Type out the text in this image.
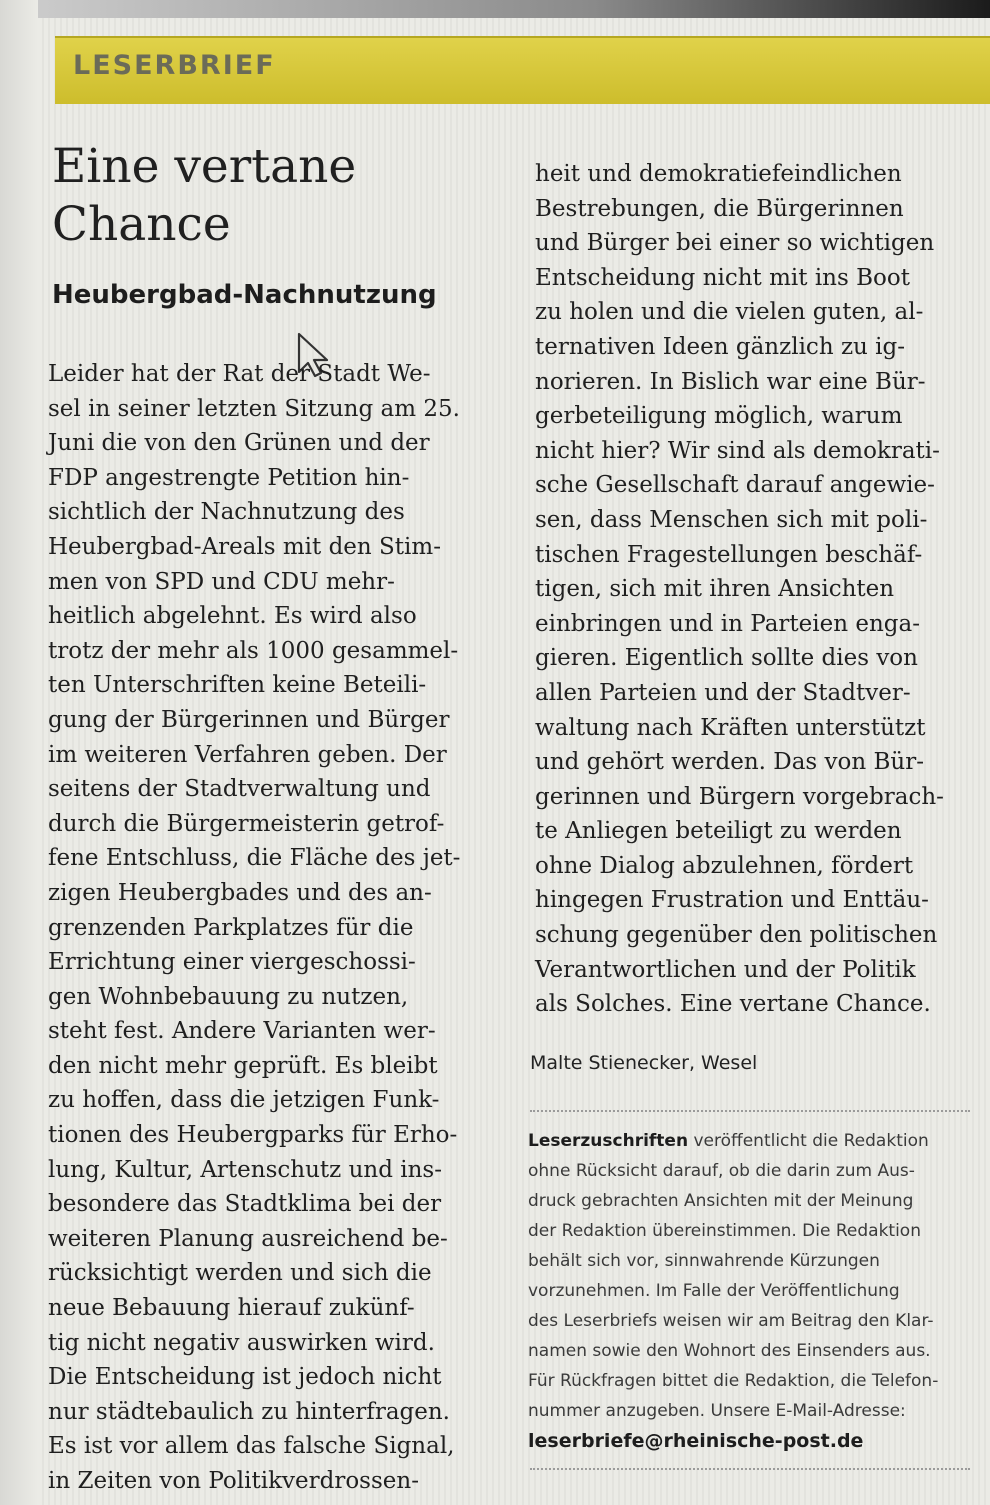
LESERBRIEF
Eine vertane
Chance
Heubergbad-Nachnutzung
Leider hat der Rat der Stadt We-
sel in seiner letzten Sitzung am 25.
Juni die von den Grünen und der
FDP angestrengte Petition hin-
sichtlich der Nachnutzung des
Heubergbad-Areals mit den Stim-
men von SPD und CDU mehr-
heitlich abgelehnt. Es wird also
trotz der mehr als 1000 gesammel-
ten Unterschriften keine Beteili-
gung der Bürgerinnen und Bürger
im weiteren Verfahren geben. Der
seitens der Stadtverwaltung und
durch die Bürgermeisterin getrof-
fene Entschluss, die Fläche des jet-
zigen Heubergbades und des an-
grenzenden Parkplatzes für die
Errichtung einer viergeschossi-
gen Wohnbebauung zu nutzen,
steht fest. Andere Varianten wer-
den nicht mehr geprüft. Es bleibt
zu hoffen, dass die jetzigen Funk-
tionen des Heubergparks für Erho-
lung, Kultur, Artenschutz und ins-
besondere das Stadtklima bei der
weiteren Planung ausreichend be-
rücksichtigt werden und sich die
neue Bebauung hierauf zukünf-
tig nicht negativ auswirken wird.
Die Entscheidung ist jedoch nicht
nur städtebaulich zu hinterfragen.
Es ist vor allem das falsche Signal,
in Zeiten von Politikverdrossen-
heit und demokratiefeindlichen
Bestrebungen, die Bürgerinnen
und Bürger bei einer so wichtigen
Entscheidung nicht mit ins Boot
zu holen und die vielen guten, al-
ternativen Ideen gänzlich zu ig-
norieren. In Bislich war eine Bür-
gerbeteiligung möglich, warum
nicht hier? Wir sind als demokrati-
sche Gesellschaft darauf angewie-
sen, dass Menschen sich mit poli-
tischen Fragestellungen beschäf-
tigen, sich mit ihren Ansichten
einbringen und in Parteien enga-
gieren. Eigentlich sollte dies von
allen Parteien und der Stadtver-
waltung nach Kräften unterstützt
und gehört werden. Das von Bür-
gerinnen und Bürgern vorgebrach-
te Anliegen beteiligt zu werden
ohne Dialog abzulehnen, fördert
hingegen Frustration und Enttäu-
schung gegenüber den politischen
Verantwortlichen und der Politik
als Solches. Eine vertane Chance.
Malte Stienecker, Wesel
Leserzuschriften veröffentlicht die Redaktion
ohne Rücksicht darauf, ob die darin zum Aus-
druck gebrachten Ansichten mit der Meinung
der Redaktion übereinstimmen. Die Redaktion
behält sich vor, sinnwahrende Kürzungen
vorzunehmen. Im Falle der Veröffentlichung
des Leserbriefs weisen wir am Beitrag den Klar-
namen sowie den Wohnort des Einsenders aus.
Für Rückfragen bittet die Redaktion, die Telefon-
nummer anzugeben. Unsere E-Mail-Adresse:
leserbriefe@rheinische-post.de
